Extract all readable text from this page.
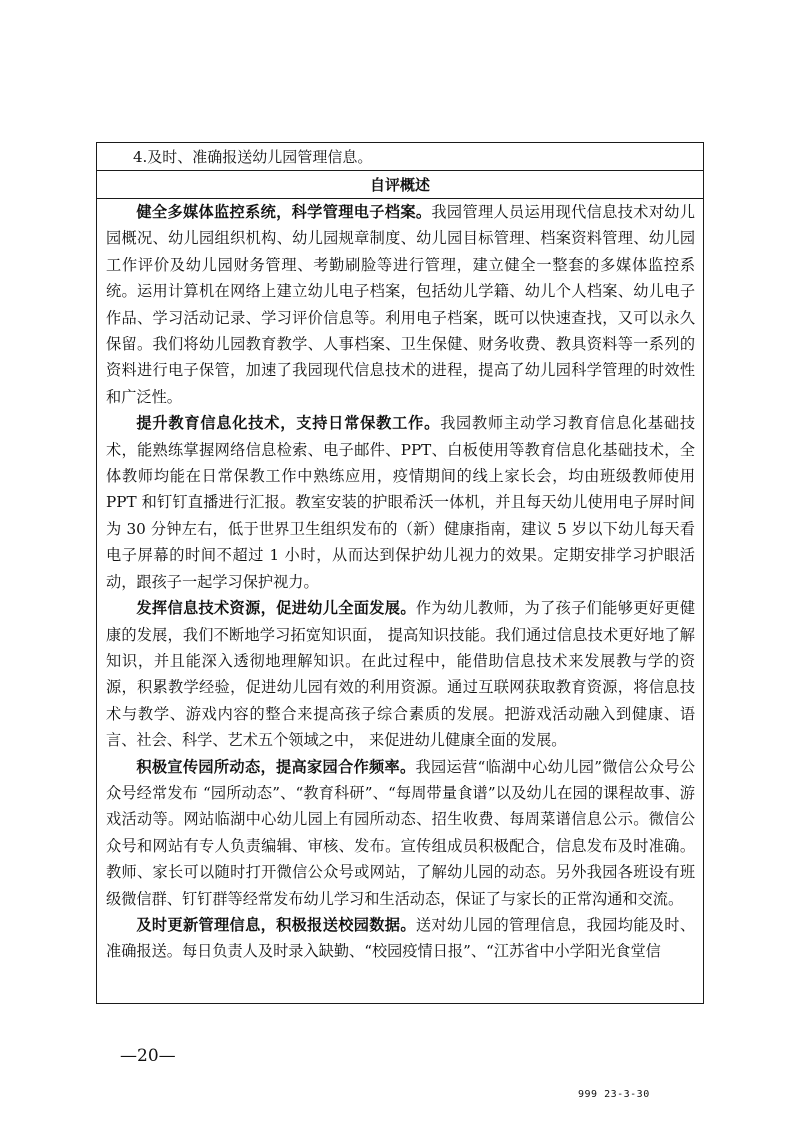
4.及时、准确报送幼儿园管理信息。
自评概述

健全多媒体监控系统，科学管理电子档案。我园管理人员运用现代信息技术对幼儿园概况、幼儿园组织机构、幼儿园规章制度、幼儿园目标管理、档案资料管理、幼儿园工作评价及幼儿园财务管理、考勤刷脸等进行管理，建立健全一整套的多媒体监控系统。运用计算机在网络上建立幼儿电子档案，包括幼儿学籍、幼儿个人档案、幼儿电子作品、学习活动记录、学习评价信息等。利用电子档案，既可以快速查找，又可以永久保留。我们将幼儿园教育教学、人事档案、卫生保健、财务收费、教具资料等一系列的资料进行电子保管，加速了我园现代信息技术的进程，提高了幼儿园科学管理的时效性和广泛性。

提升教育信息化技术，支持日常保教工作。我园教师主动学习教育信息化基础技术，能熟练掌握网络信息检索、电子邮件、PPT、白板使用等教育信息化基础技术，全体教师均能在日常保教工作中熟练应用，疫情期间的线上家长会，均由班级教师使用 PPT 和钉钉直播进行汇报。教室安装的护眼希沃一体机，并且每天幼儿使用电子屏时间为 30 分钟左右，低于世界卫生组织发布的（新）健康指南，建议 5 岁以下幼儿每天看电子屏幕的时间不超过 1 小时，从而达到保护幼儿视力的效果。定期安排学习护眼活动，跟孩子一起学习保护视力。

发挥信息技术资源，促进幼儿全面发展。作为幼儿教师，为了孩子们能够更好更健康的发展，我们不断地学习拓宽知识面， 提高知识技能。我们通过信息技术更好地了解知识，并且能深入透彻地理解知识。在此过程中，能借助信息技术来发展教与学的资源，积累教学经验，促进幼儿园有效的利用资源。通过互联网获取教育资源，将信息技术与教学、游戏内容的整合来提高孩子综合素质的发展。把游戏活动融入到健康、语言、社会、科学、艺术五个领域之中， 来促进幼儿健康全面的发展。

积极宣传园所动态，提高家园合作频率。我园运营“临湖中心幼儿园”微信公众号公众号经常发布 “园所动态”、“教育科研”、“每周带量食谱”以及幼儿在园的课程故事、游戏活动等。网站临湖中心幼儿园上有园所动态、招生收费、每周菜谱信息公示。微信公众号和网站有专人负责编辑、审核、发布。宣传组成员积极配合，信息发布及时准确。教师、家长可以随时打开微信公众号或网站，了解幼儿园的动态。另外我园各班设有班级微信群、钉钉群等经常发布幼儿学习和生活动态，保证了与家长的正常沟通和交流。

及时更新管理信息，积极报送校园数据。送对幼儿园的管理信息，我园均能及时、准确报送。每日负责人及时录入缺勤、“校园疫情日报”、“江苏省中小学阳光食堂信

—20—
999 23-3-30
